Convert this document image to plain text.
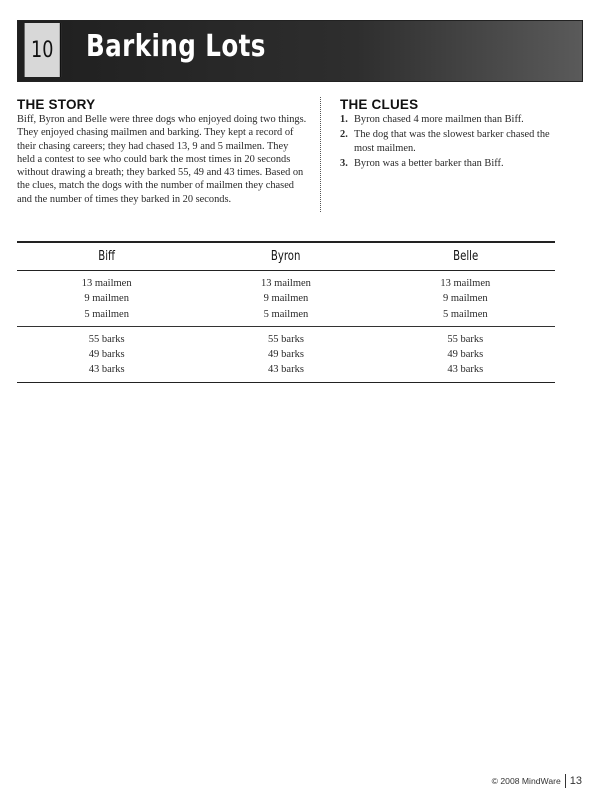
10 Barking Lots
THE STORY

Biff, Byron and Belle were three dogs who enjoyed doing two things. They enjoyed chasing mailmen and barking. They kept a record of their chasing careers; they had chased 13, 9 and 5 mailmen. They held a contest to see who could bark the most times in 20 seconds without drawing a breath; they barked 55, 49 and 43 times. Based on the clues, match the dogs with the number of mailmen they chased and the number of times they barked in 20 seconds.

THE CLUES
1. Byron chased 4 more mailmen than Biff.
2. The dog that was the slowest barker chased the most mailmen.
3. Byron was a better barker than Biff.
Biff	Byron	Belle
13 mailmen
9 mailmen
5 mailmen
13 mailmen
9 mailmen
5 mailmen
13 mailmen
9 mailmen
5 mailmen
55 barks
49 barks
43 barks
55 barks
49 barks
43 barks
55 barks
49 barks
43 barks
© 2008 MindWare 13
